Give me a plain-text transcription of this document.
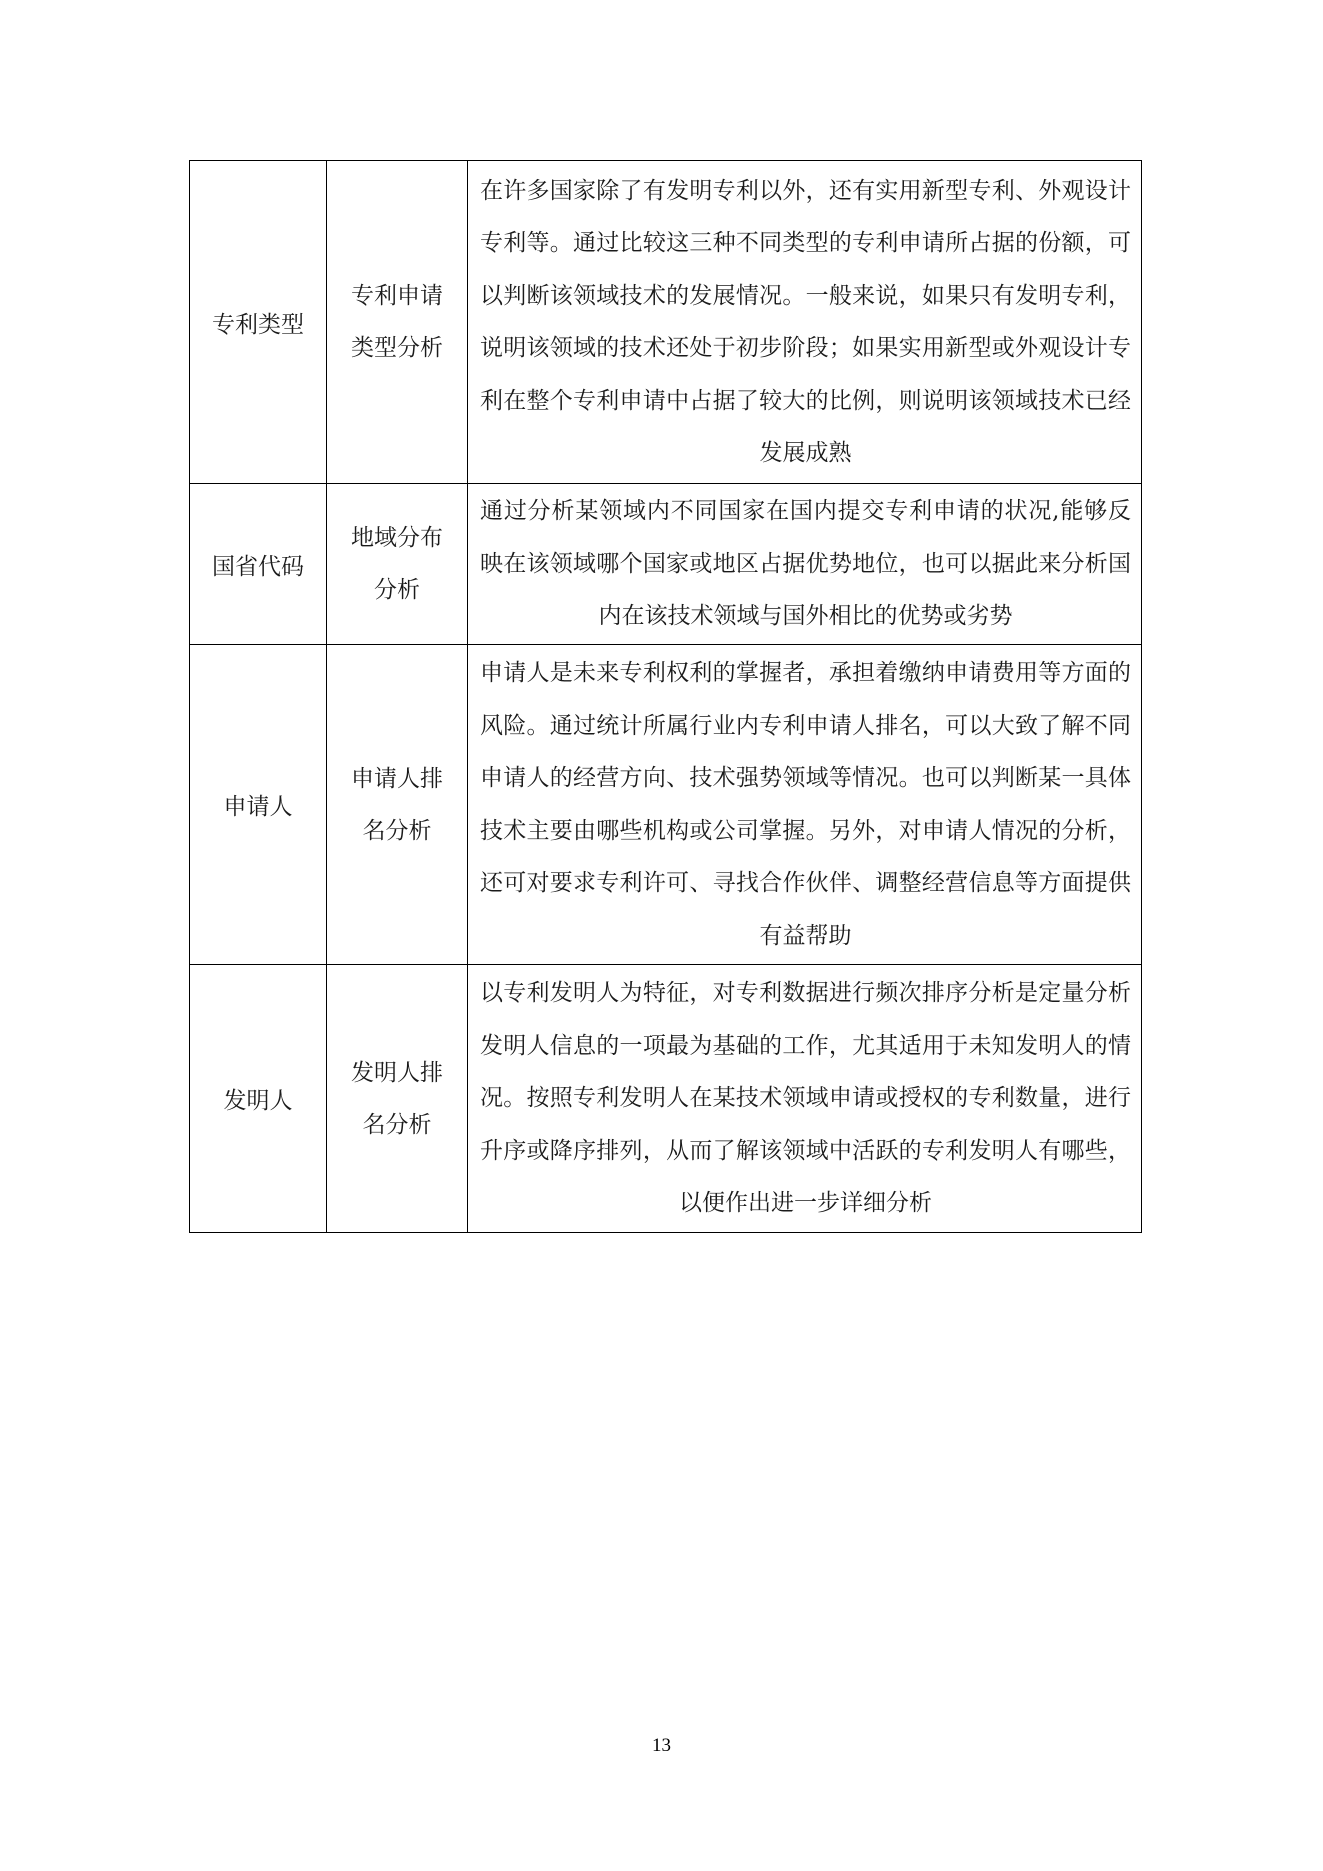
专利类型	专利申请类型分析	在许多国家除了有发明专利以外，还有实用新型专利、外观设计专利等。通过比较这三种不同类型的专利申请所占据的份额，可以判断该领域技术的发展情况。一般来说，如果只有发明专利，说明该领域的技术还处于初步阶段；如果实用新型或外观设计专利在整个专利申请中占据了较大的比例，则说明该领域技术已经发展成熟
国省代码	地域分布分析	通过分析某领域内不同国家在国内提交专利申请的状况,能够反映在该领域哪个国家或地区占据优势地位，也可以据此来分析国内在该技术领域与国外相比的优势或劣势
申请人	申请人排名分析	申请人是未来专利权利的掌握者，承担着缴纳申请费用等方面的风险。通过统计所属行业内专利申请人排名，可以大致了解不同申请人的经营方向、技术强势领域等情况。也可以判断某一具体技术主要由哪些机构或公司掌握。另外，对申请人情况的分析，还可对要求专利许可、寻找合作伙伴、调整经营信息等方面提供有益帮助
发明人	发明人排名分析	以专利发明人为特征，对专利数据进行频次排序分析是定量分析发明人信息的一项最为基础的工作，尤其适用于未知发明人的情况。按照专利发明人在某技术领域申请或授权的专利数量，进行升序或降序排列，从而了解该领域中活跃的专利发明人有哪些，以便作出进一步详细分析
13
